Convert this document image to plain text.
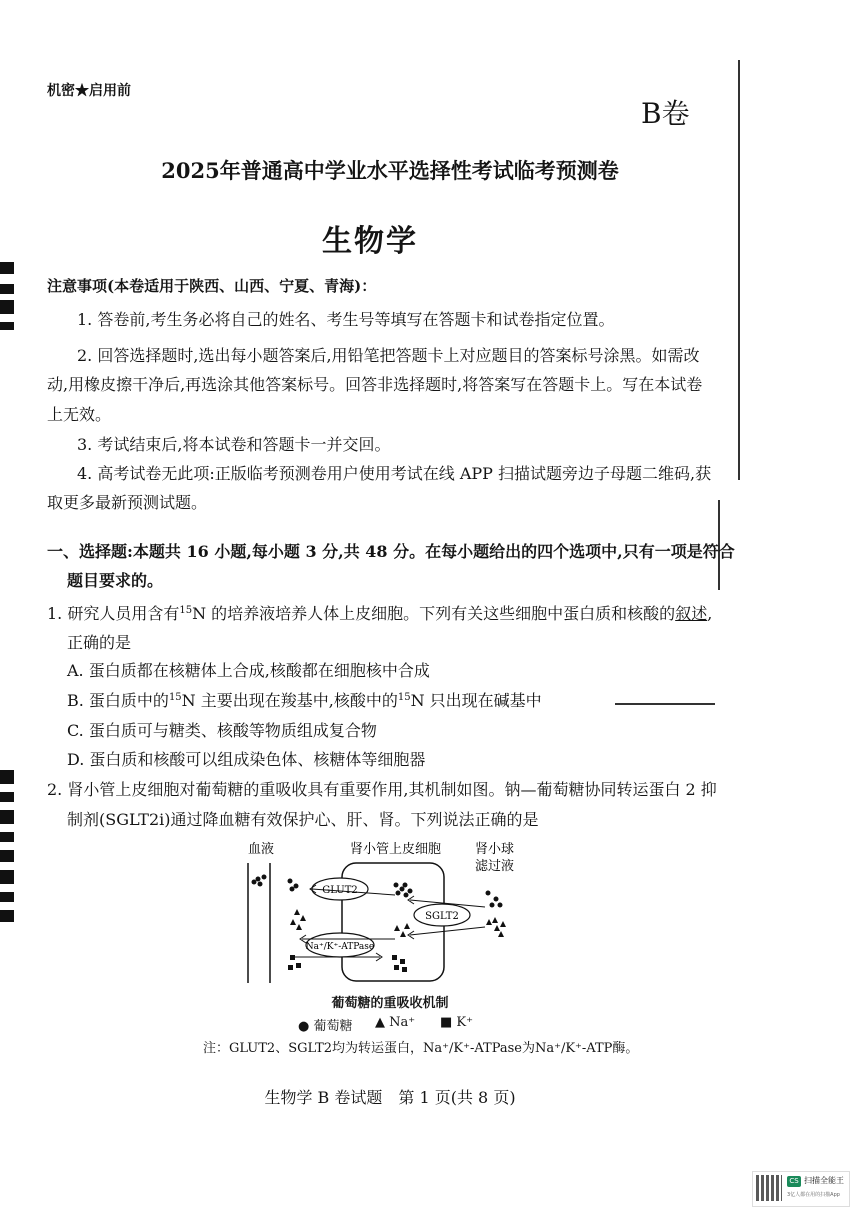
机密★启用前
B卷
2025年普通高中学业水平选择性考试临考预测卷
生物学
注意事项(本卷适用于陕西、山西、宁夏、青海)：
1. 答卷前,考生务必将自己的姓名、考生号等填写在答题卡和试卷指定位置。
2. 回答选择题时,选出每小题答案后,用铅笔把答题卡上对应题目的答案标号涂黑。如需改
动,用橡皮擦干净后,再选涂其他答案标号。回答非选择题时,将答案写在答题卡上。写在本试卷
上无效。
3. 考试结束后,将本试卷和答题卡一并交回。
4. 高考试卷无此项:正版临考预测卷用户使用考试在线 APP 扫描试题旁边子母题二维码,获
取更多最新预测试题。
一、选择题:本题共 16 小题,每小题 3 分,共 48 分。在每小题给出的四个选项中,只有一项是符合
题目要求的。
1. 研究人员用含有$^{15}$N 的培养液培养人体上皮细胞。下列有关这些细胞中蛋白质和核酸的叙述,
正确的是
A. 蛋白质都在核糖体上合成,核酸都在细胞核中合成
B. 蛋白质中的$^{15}$N 主要出现在羧基中,核酸中的$^{15}$N 只出现在碱基中
C. 蛋白质可与糖类、核酸等物质组成复合物
D. 蛋白质和核酸可以组成染色体、核糖体等细胞器
2. 肾小管上皮细胞对葡萄糖的重吸收具有重要作用,其机制如图。钠—葡萄糖协同转运蛋白 2 抑
制剂(SGLT2i)通过降血糖有效保护心、肝、肾。下列说法正确的是
血液	肾小管上皮细胞	肾小球
滤过液
GLUT2
SGLT2
Na⁺/K⁺-ATPase
葡萄糖的重吸收机制
● 葡萄糖 ▲ Na⁺ ■ K⁺
注：GLUT2、SGLT2均为转运蛋白，Na⁺/K⁺-ATPase为Na⁺/K⁺-ATP酶。
生物学 B 卷试题　第 1 页(共 8 页)
CS 扫描全能王
3亿人都在用的扫描App
